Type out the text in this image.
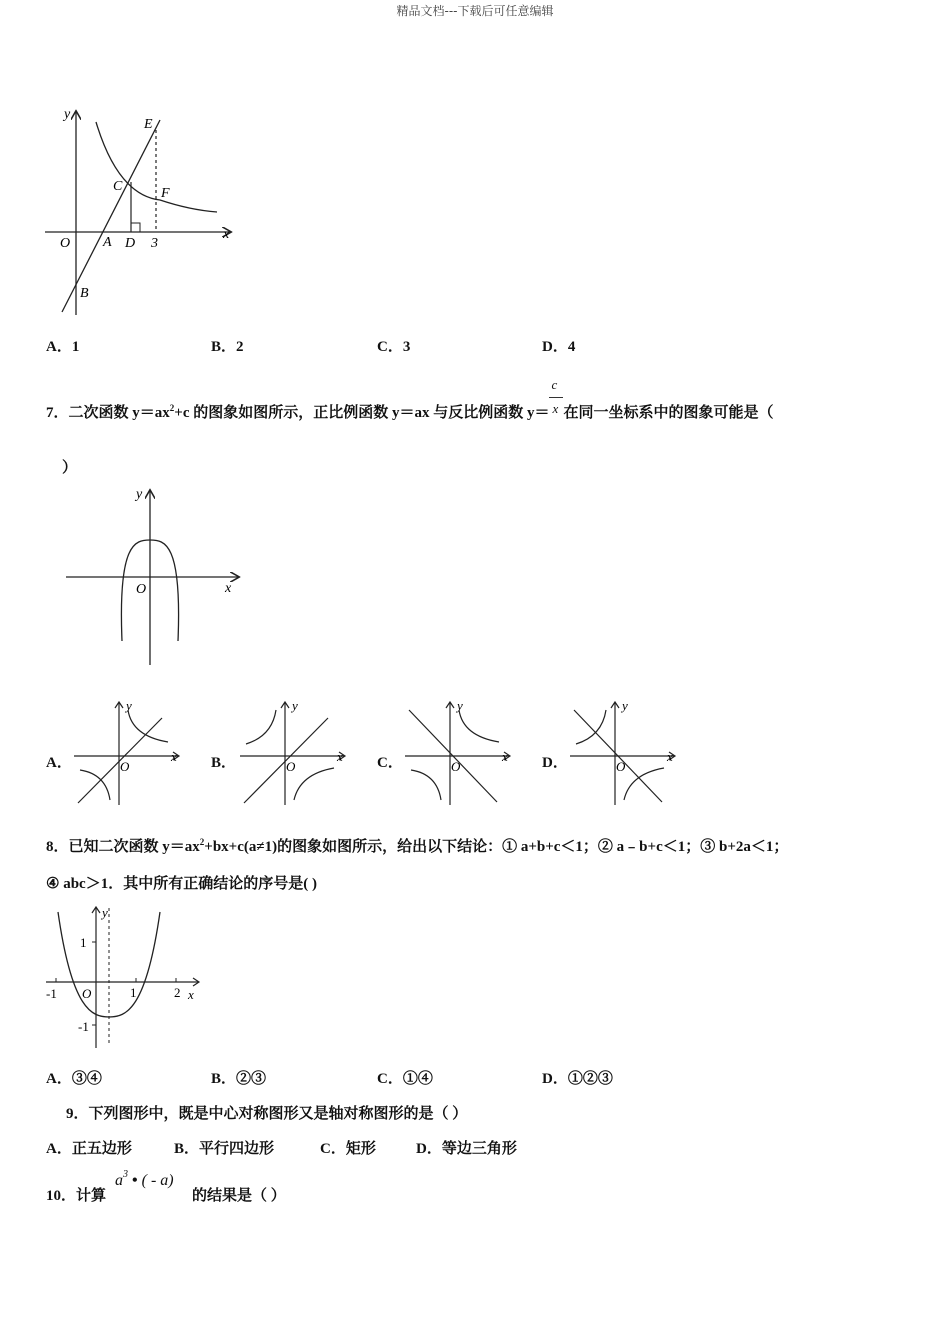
精品文档---下载后可任意编辑
y
x
O A D 3
B
C
E
F
A．1	B．2	C．3	D．4
7．二次函数 $y=ax^2+c$ 的图象如图所示，正比例函数 y＝ax 与反比例函数 $y= \frac{c}{x}$ 在同一坐标系中的图象可能是（
）
y
x
O
A．	B．	C．	D．
y
x
O
y
x
O
y
x
O
y
x
O
8．已知二次函数 $y=ax^2+bx+c(a\ne 1)$的图象如图所示，给出以下结论：① a+b+c＜1；② a﹣b+c＜1；③ b+2a＜1；
④ abc＞1．其中所有正确结论的序号是( )
y
1
-1
-1 O	1	2 x
A．③④	B．②③	C．①④	D．①②③
9．下列图形中，既是中心对称图形又是轴对称图形的是（ ）
A．正五边形	B．平行四边形	C．矩形	D．等边三角形
10．计算
$a^3$ • ( - a)
的结果是（ ）
